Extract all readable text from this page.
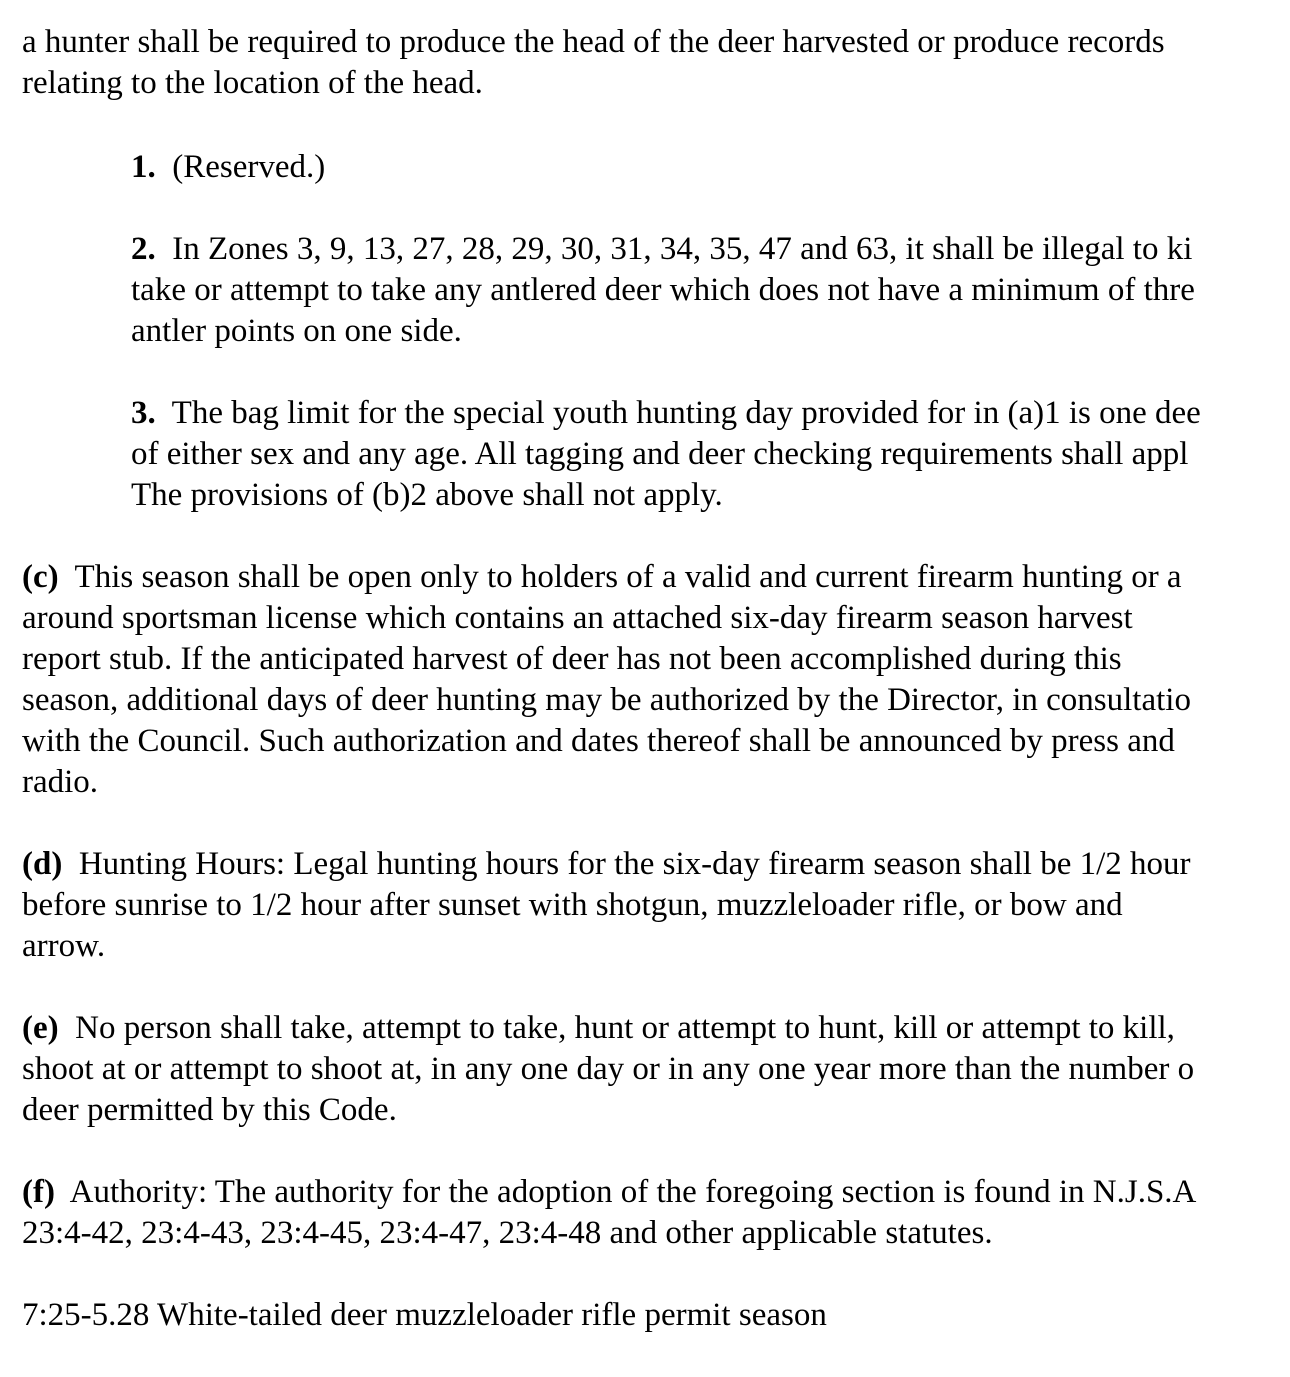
a hunter shall be required to produce the head of the deer harvested or produce records
relating to the location of the head.
1. (Reserved.)
2. In Zones 3, 9, 13, 27, 28, 29, 30, 31, 34, 35, 47 and 63, it shall be illegal to ki
take or attempt to take any antlered deer which does not have a minimum of thre
antler points on one side.
3. The bag limit for the special youth hunting day provided for in (a)1 is one dee
of either sex and any age. All tagging and deer checking requirements shall appl
The provisions of (b)2 above shall not apply.
(c) This season shall be open only to holders of a valid and current firearm hunting or a
around sportsman license which contains an attached six-day firearm season harvest
report stub. If the anticipated harvest of deer has not been accomplished during this
season, additional days of deer hunting may be authorized by the Director, in consultatio
with the Council. Such authorization and dates thereof shall be announced by press and
radio.
(d) Hunting Hours: Legal hunting hours for the six-day firearm season shall be 1/2 hour
before sunrise to 1/2 hour after sunset with shotgun, muzzleloader rifle, or bow and
arrow.
(e) No person shall take, attempt to take, hunt or attempt to hunt, kill or attempt to kill,
shoot at or attempt to shoot at, in any one day or in any one year more than the number o
deer permitted by this Code.
(f) Authority: The authority for the adoption of the foregoing section is found in N.J.S.A
23:4-42, 23:4-43, 23:4-45, 23:4-47, 23:4-48 and other applicable statutes.
7:25-5.28 White-tailed deer muzzleloader rifle permit season
